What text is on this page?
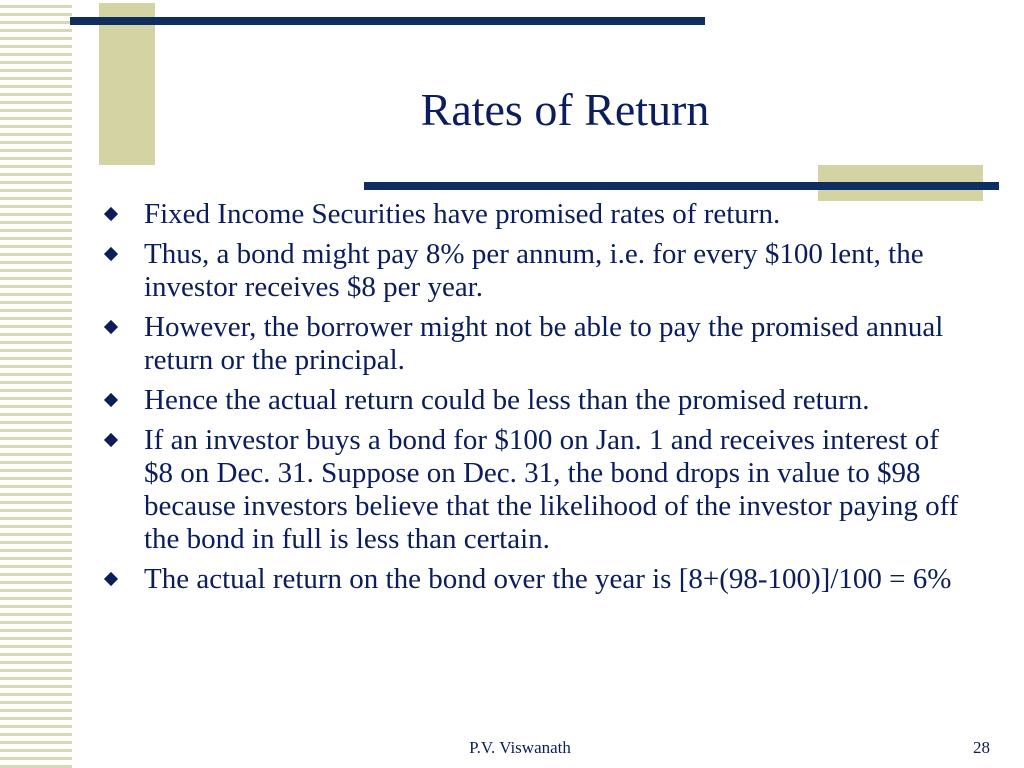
Rates of Return
Fixed Income Securities have promised rates of return.
Thus, a bond might pay 8% per annum, i.e. for every $100 lent, the investor receives $8 per year.
However, the borrower might not be able to pay the promised annual return or the principal.
Hence the actual return could be less than the promised return.
If an investor buys a bond for $100 on Jan. 1 and receives interest of $8 on Dec. 31. Suppose on Dec. 31, the bond drops in value to $98 because investors believe that the likelihood of the investor paying off the bond in full is less than certain.
The actual return on the bond over the year is [8+(98-100)]/100 = 6%
P.V. Viswanath	28
